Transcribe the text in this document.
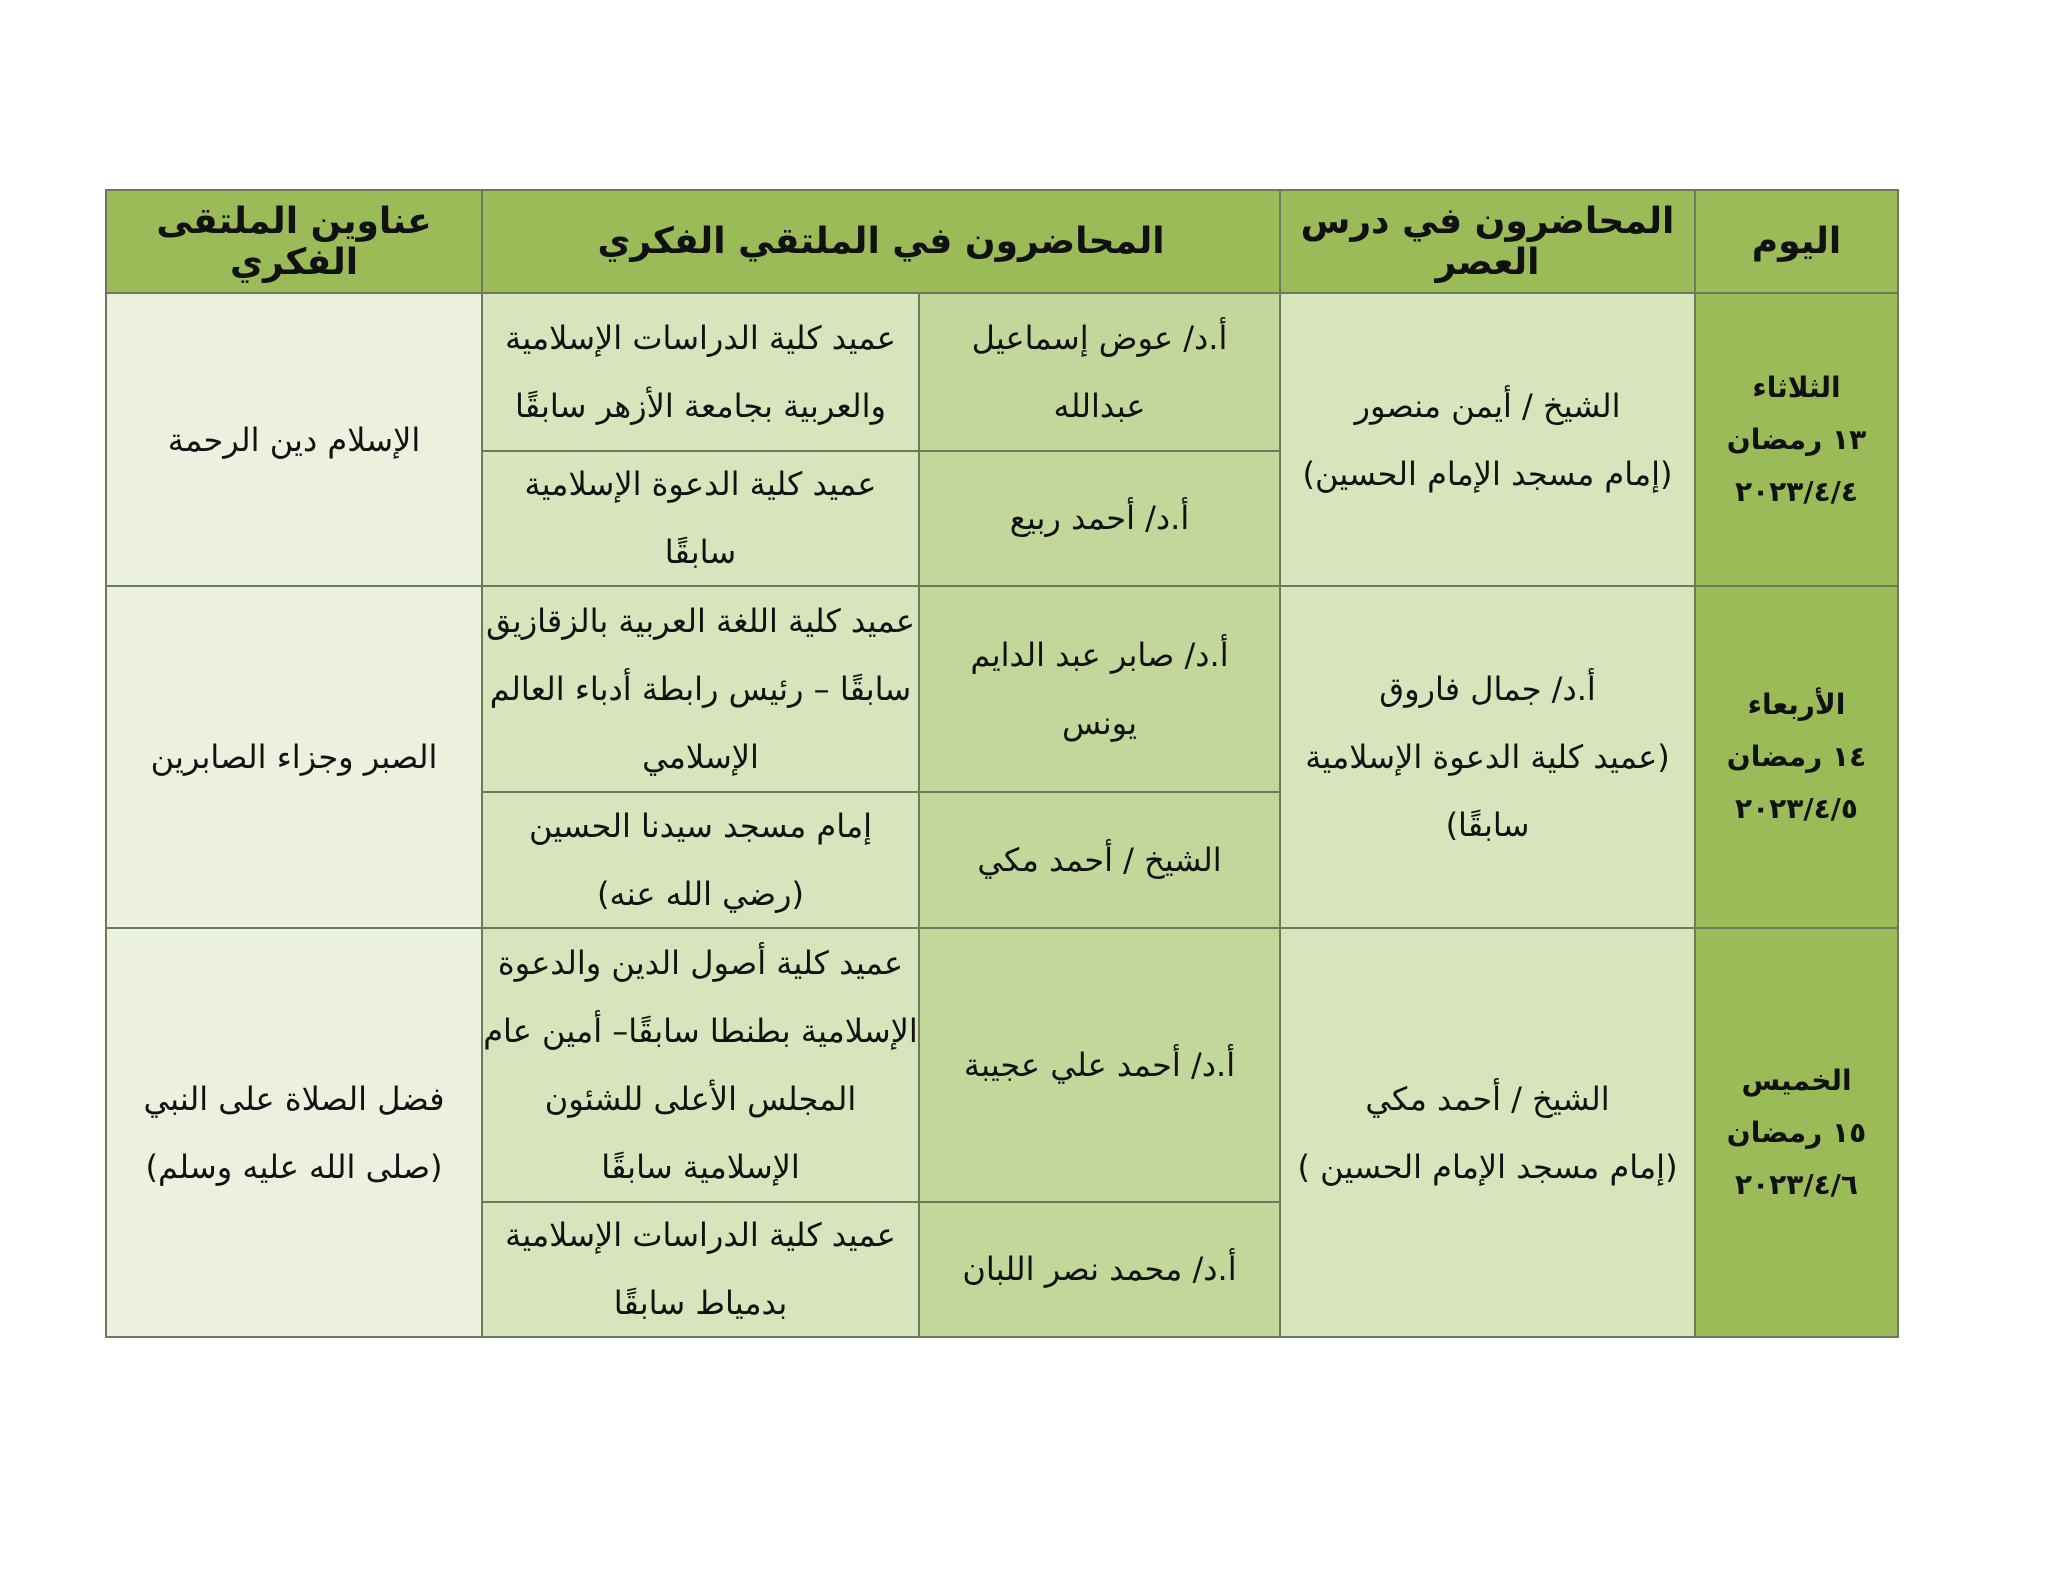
اليوم
المحاضرون في درس العصر
المحاضرون في الملتقي الفكري
عناوين الملتقى الفكري
الثلاثاء
١٣ رمضان
٢٠٢٣/٤/٤
الشيخ / أيمن منصور
(إمام مسجد الإمام الحسين)
أ.د/ عوض إسماعيل
عبدالله
عميد كلية الدراسات الإسلامية
والعربية بجامعة الأزهر سابقًا
أ.د/ أحمد ربيع
عميد كلية الدعوة الإسلامية
سابقًا
الإسلام دين الرحمة
الأربعاء
١٤ رمضان
٢٠٢٣/٤/٥
أ.د/ جمال فاروق
(عميد كلية الدعوة الإسلامية
سابقًا)
أ.د/ صابر عبد الدايم
يونس
عميد كلية اللغة العربية بالزقازيق
سابقًا – رئيس رابطة أدباء العالم
الإسلامي
الشيخ / أحمد مكي
إمام مسجد سيدنا الحسين
(رضي الله عنه)
الصبر وجزاء الصابرين
الخميس
١٥ رمضان
٢٠٢٣/٤/٦
الشيخ / أحمد مكي
(إمام مسجد الإمام الحسين )
أ.د/ أحمد علي عجيبة
عميد كلية أصول الدين والدعوة
الإسلامية بطنطا سابقًا– أمين عام
المجلس الأعلى للشئون
الإسلامية سابقًا
أ.د/ محمد نصر اللبان
عميد كلية الدراسات الإسلامية
بدمياط سابقًا
فضل الصلاة على النبي
(صلى الله عليه وسلم)
